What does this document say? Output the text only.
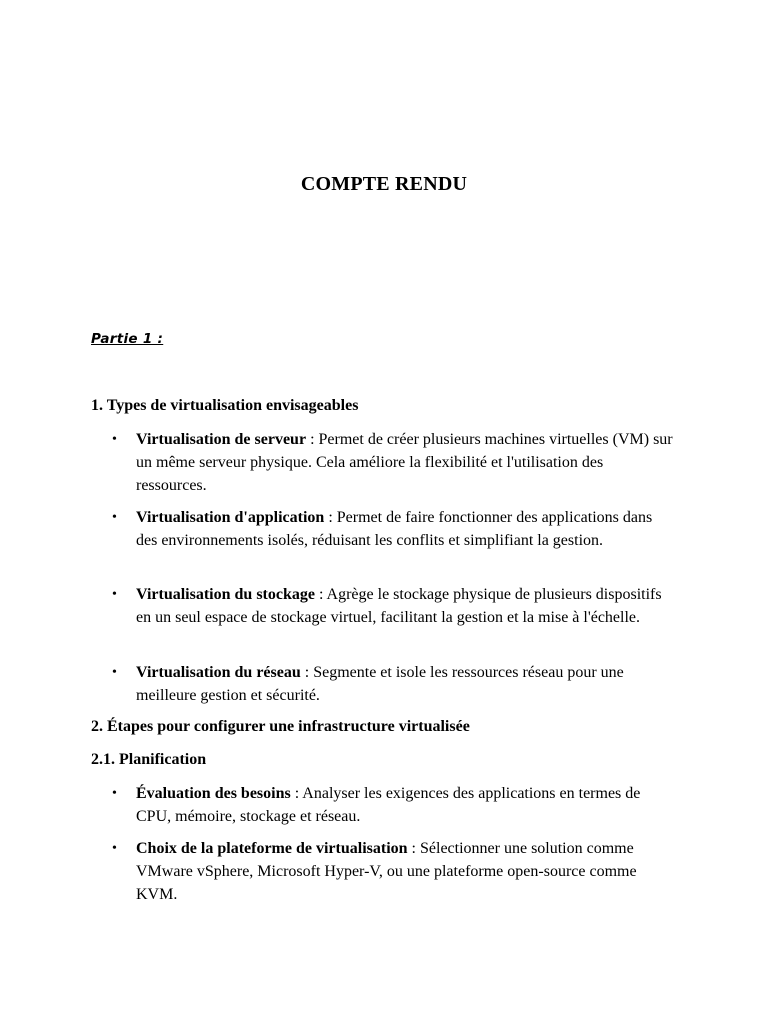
COMPTE RENDU
Partie 1 :
1. Types de virtualisation envisageables
• Virtualisation de serveur : Permet de créer plusieurs machines virtuelles (VM) sur un même serveur physique. Cela améliore la flexibilité et l'utilisation des ressources.
• Virtualisation d'application : Permet de faire fonctionner des applications dans des environnements isolés, réduisant les conflits et simplifiant la gestion.
• Virtualisation du stockage : Agrège le stockage physique de plusieurs dispositifs en un seul espace de stockage virtuel, facilitant la gestion et la mise à l'échelle.
• Virtualisation du réseau : Segmente et isole les ressources réseau pour une meilleure gestion et sécurité.
2. Étapes pour configurer une infrastructure virtualisée
2.1. Planification
• Évaluation des besoins : Analyser les exigences des applications en termes de CPU, mémoire, stockage et réseau.
• Choix de la plateforme de virtualisation : Sélectionner une solution comme VMware vSphere, Microsoft Hyper-V, ou une plateforme open-source comme KVM.
